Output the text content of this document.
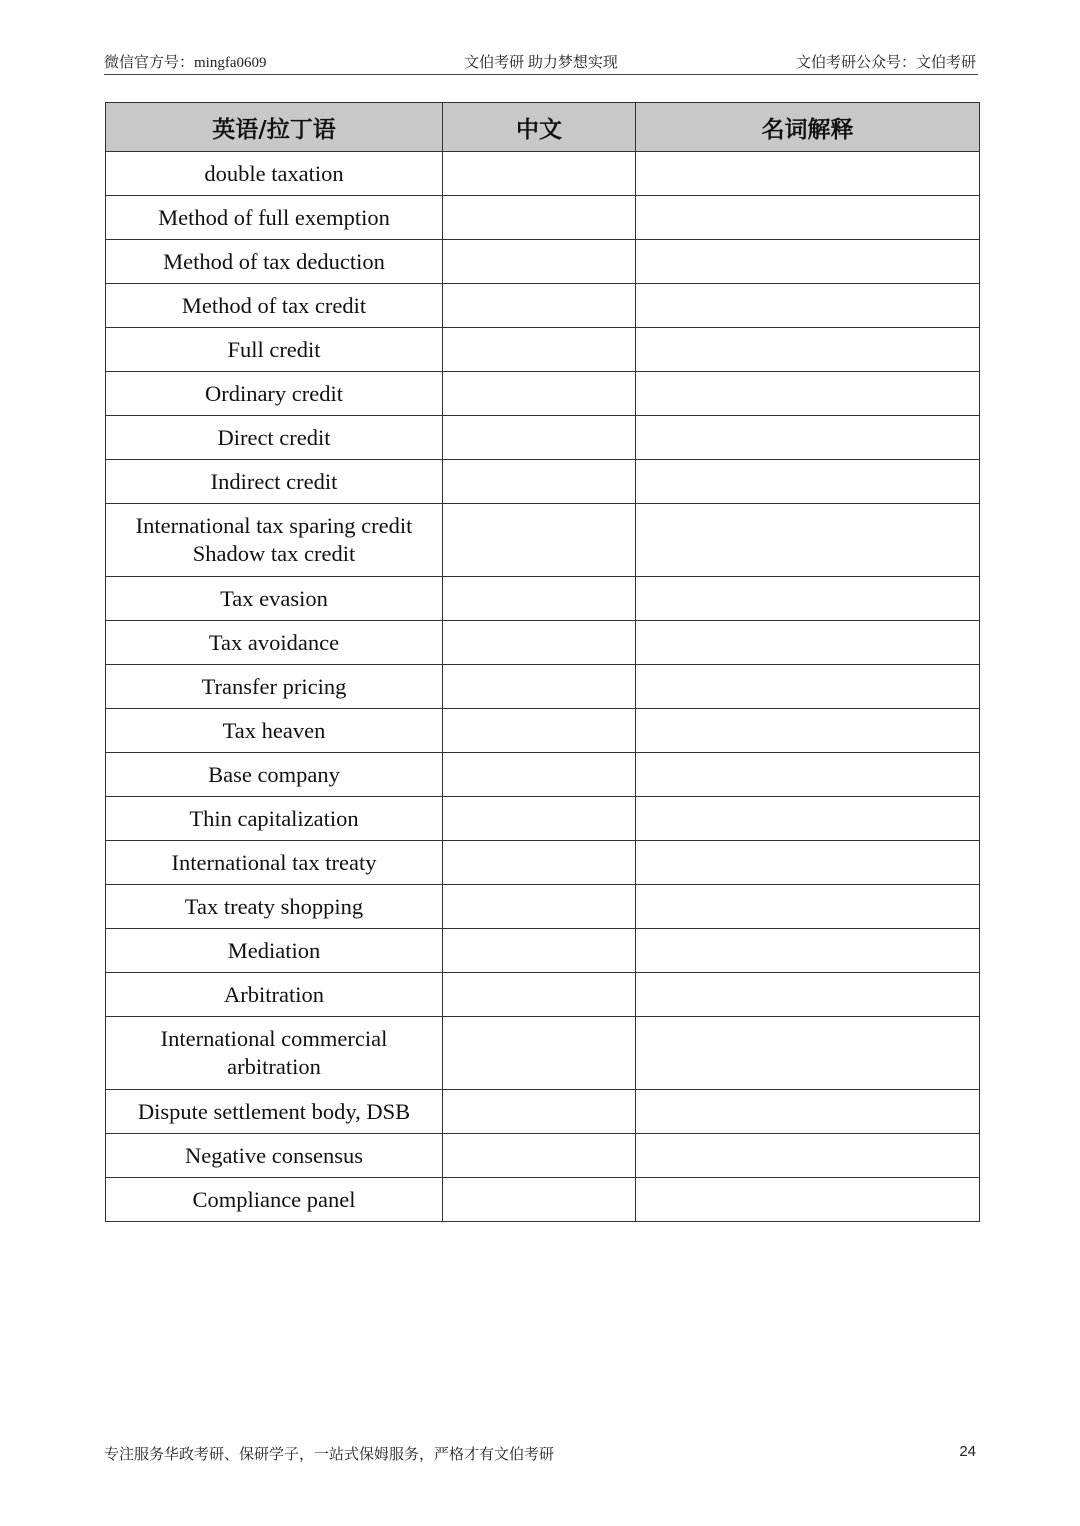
微信官方号：mingfa0609	文伯考研 助力梦想实现	文伯考研公众号：文伯考研
英语/拉丁语	中文	名词解释

double taxation		

Method of full exemption		

Method of tax deduction		

Method of tax credit		

Full credit		

Ordinary credit		

Direct credit		

Indirect credit		

International tax sparing credit
Shadow tax credit		

Tax evasion		

Tax avoidance		

Transfer pricing		

Tax heaven		

Base company		

Thin capitalization		

International tax treaty		

Tax treaty shopping		

Mediation		

Arbitration		

International commercial
arbitration		

Dispute settlement body, DSB		

Negative consensus		

Compliance panel		

专注服务华政考研、保研学子，一站式保姆服务，严格才有文伯考研	24
